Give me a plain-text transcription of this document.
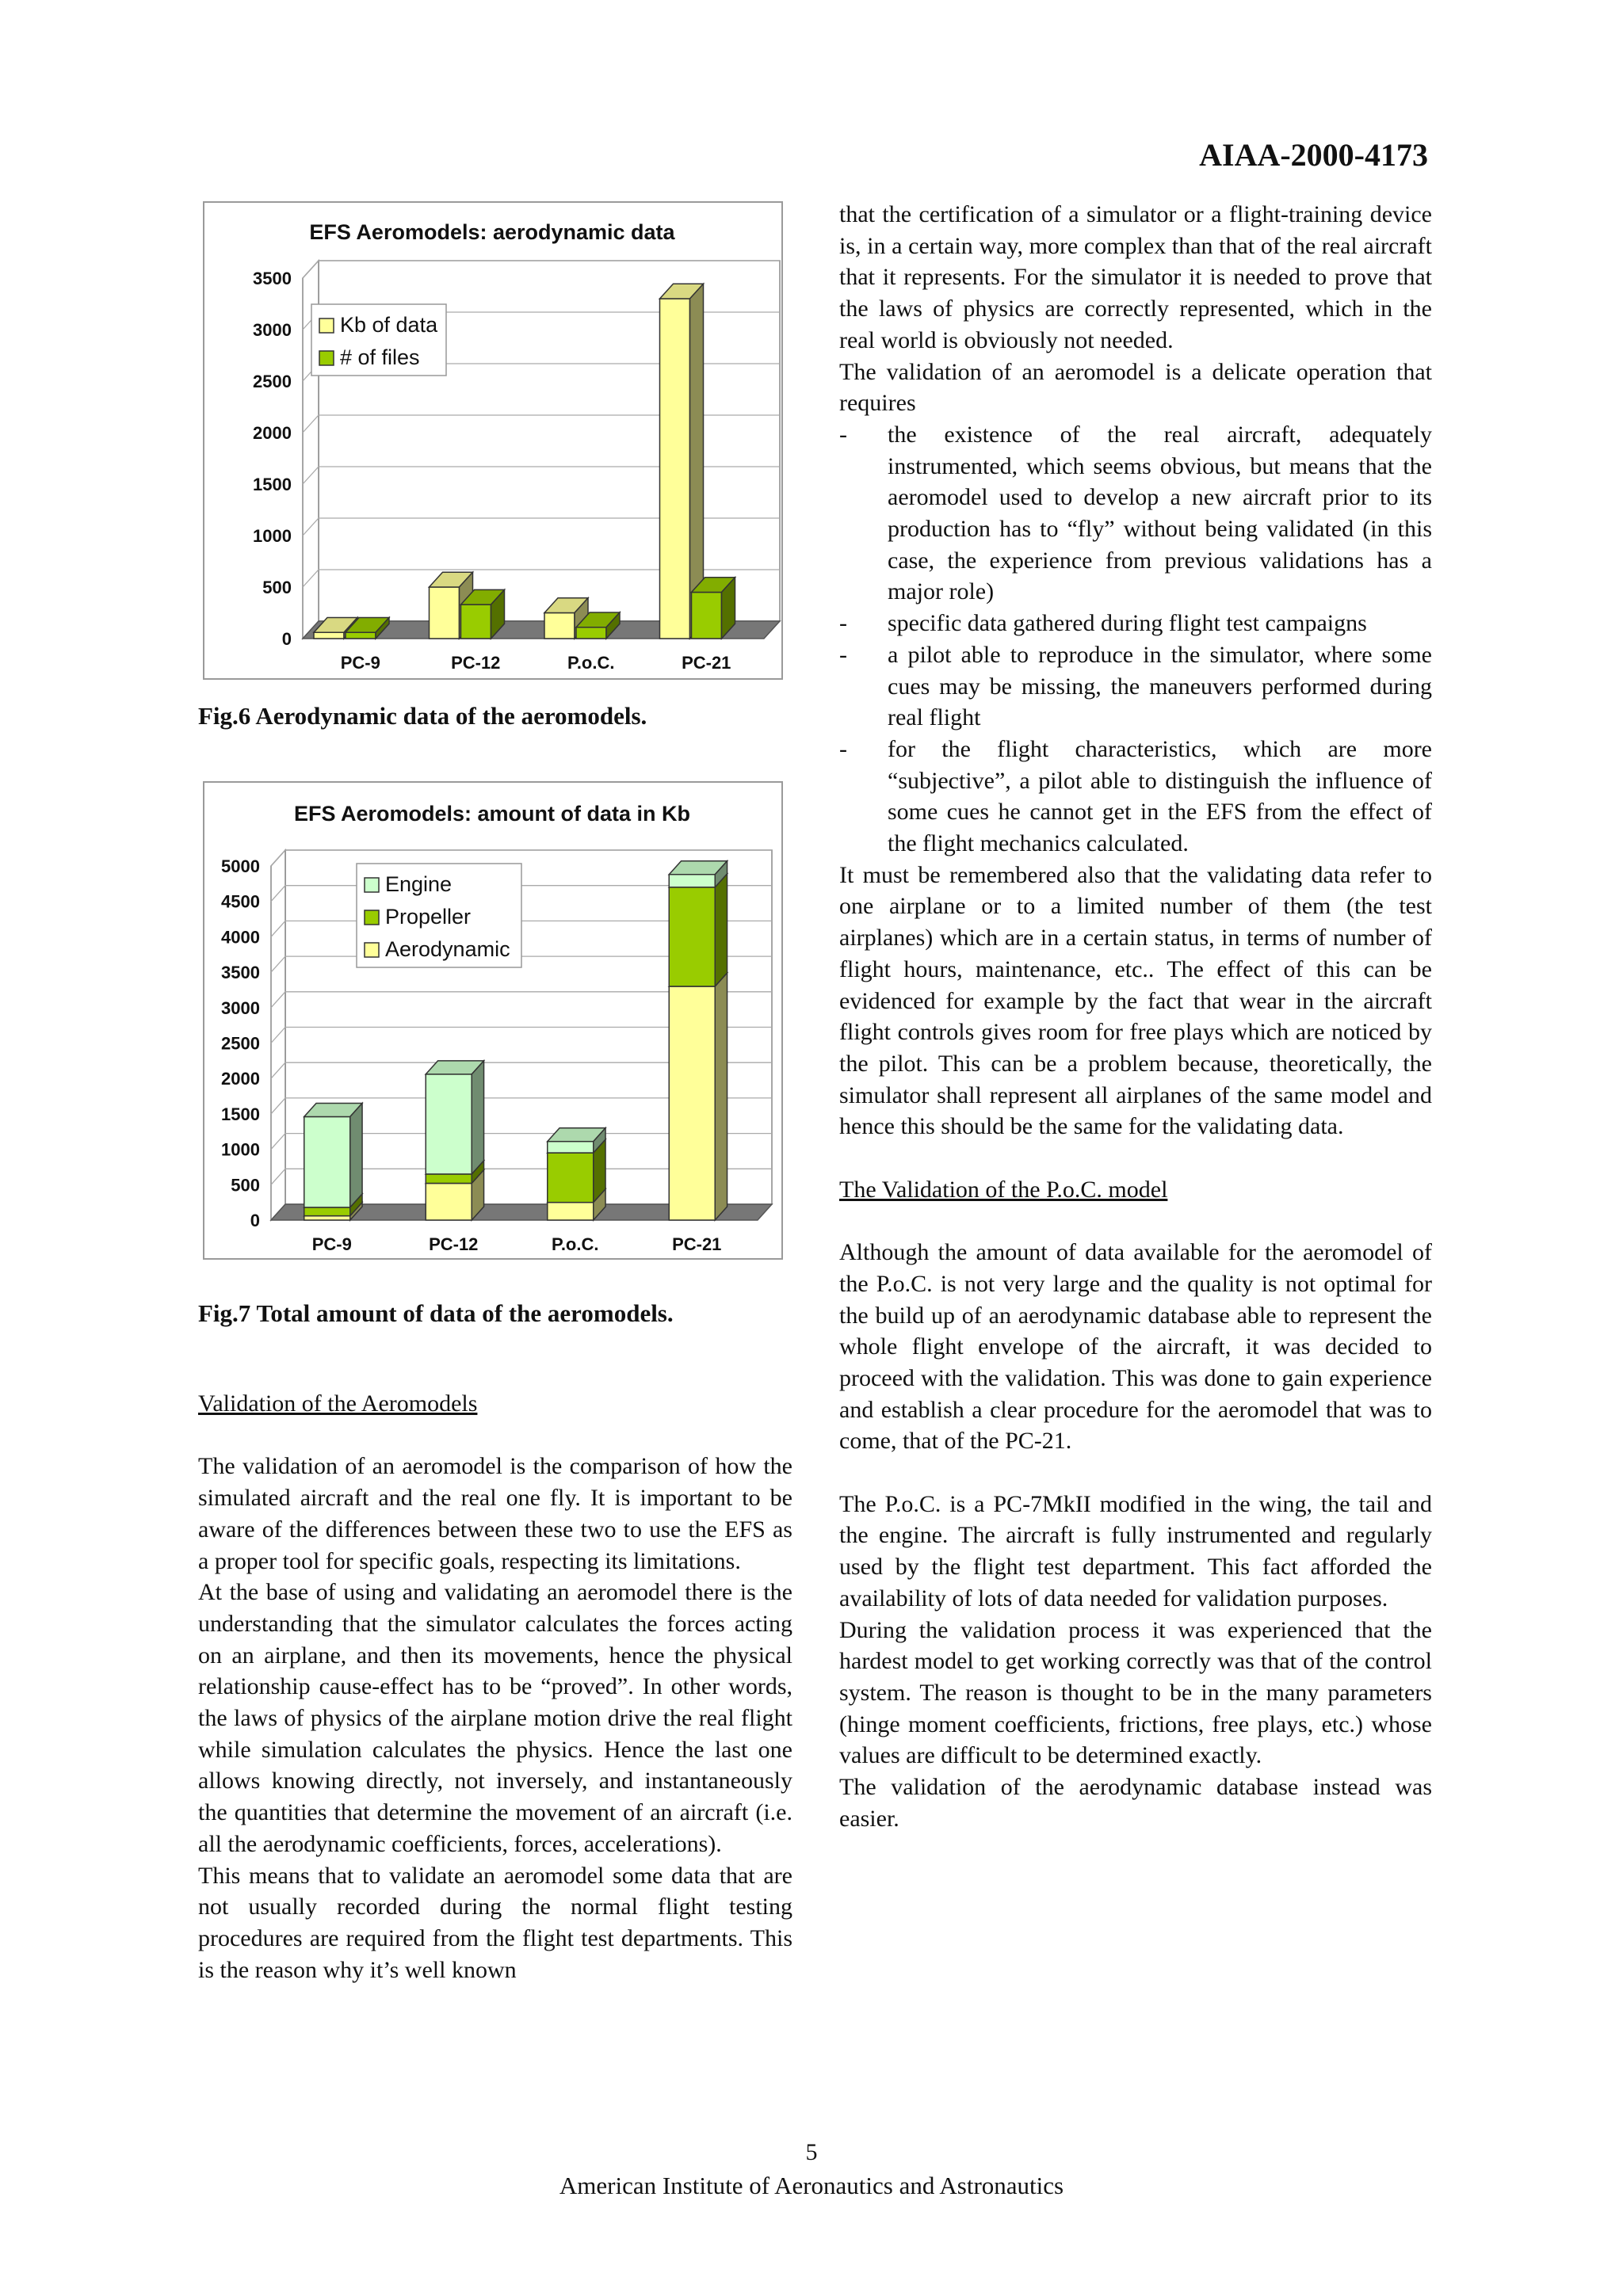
AIAA-2000-4173
EFS Aeromodels: aerodynamic data
0
500
1000
1500
2000
2500
3000
3500
PC-9	PC-12	P.o.C.	PC-21
Kb of data
# of files
Fig.6 Aerodynamic data of the aeromodels.
EFS Aeromodels: amount of data in Kb
0
500
1000
1500
2000
2500
3000
3500
4000
4500
5000
PC-9	PC-12	P.o.C.	PC-21
Engine
Propeller
Aerodynamic
Fig.7 Total amount of data of the aeromodels.

Validation of the Aeromodels

The validation of an aeromodel is the comparison of how the simulated aircraft and the real one fly. It is important to be aware of the differences between these two to use the EFS as a proper tool for specific goals, respecting its limitations.

At the base of using and validating an aeromodel there is the understanding that the simulator calculates the forces acting on an airplane, and then its movements, hence the physical relationship cause-effect has to be “proved”. In other words, the laws of physics of the airplane motion drive the real flight while simulation calculates the physics. Hence the last one allows knowing directly, not inversely, and instantaneously the quantities that determine the movement of an aircraft (i.e. all the aerodynamic coefficients, forces, accelerations).

This means that to validate an aeromodel some data that are not usually recorded during the normal flight testing procedures are required from the flight test departments. This is the reason why it’s well known

that the certification of a simulator or a flight-training device is, in a certain way, more complex than that of the real aircraft that it represents. For the simulator it is needed to prove that the laws of physics are correctly represented, which in the real world is obviously not needed.

The validation of an aeromodel is a delicate operation that requires

- the existence of the real aircraft, adequately instrumented, which seems obvious, but means that the aeromodel used to develop a new aircraft prior to its production has to “fly” without being validated (in this case, the experience from previous validations has a major role)
- specific data gathered during flight test campaigns
- a pilot able to reproduce in the simulator, where some cues may be missing, the maneuvers performed during real flight
- for the flight characteristics, which are more “subjective”, a pilot able to distinguish the influence of some cues he cannot get in the EFS from the effect of the flight mechanics calculated.

It must be remembered also that the validating data refer to one airplane or to a limited number of them (the test airplanes) which are in a certain status, in terms of number of flight hours, maintenance, etc.. The effect of this can be evidenced for example by the fact that wear in the aircraft flight controls gives room for free plays which are noticed by the pilot. This can be a problem because, theoretically, the simulator shall represent all airplanes of the same model and hence this should be the same for the validating data.

The Validation of the P.o.C. model

Although the amount of data available for the aeromodel of the P.o.C. is not very large and the quality is not optimal for the build up of an aerodynamic database able to represent the whole flight envelope of the aircraft, it was decided to proceed with the validation. This was done to gain experience and establish a clear procedure for the aeromodel that was to come, that of the PC-21.

The P.o.C. is a PC-7MkII modified in the wing, the tail and the engine. The aircraft is fully instrumented and regularly used by the flight test department. This fact afforded the availability of lots of data needed for validation purposes.

During the validation process it was experienced that the hardest model to get working correctly was that of the control system. The reason is thought to be in the many parameters (hinge moment coefficients, frictions, free plays, etc.) whose values are difficult to be determined exactly.

The validation of the aerodynamic database instead was easier.

5
American Institute of Aeronautics and Astronautics
